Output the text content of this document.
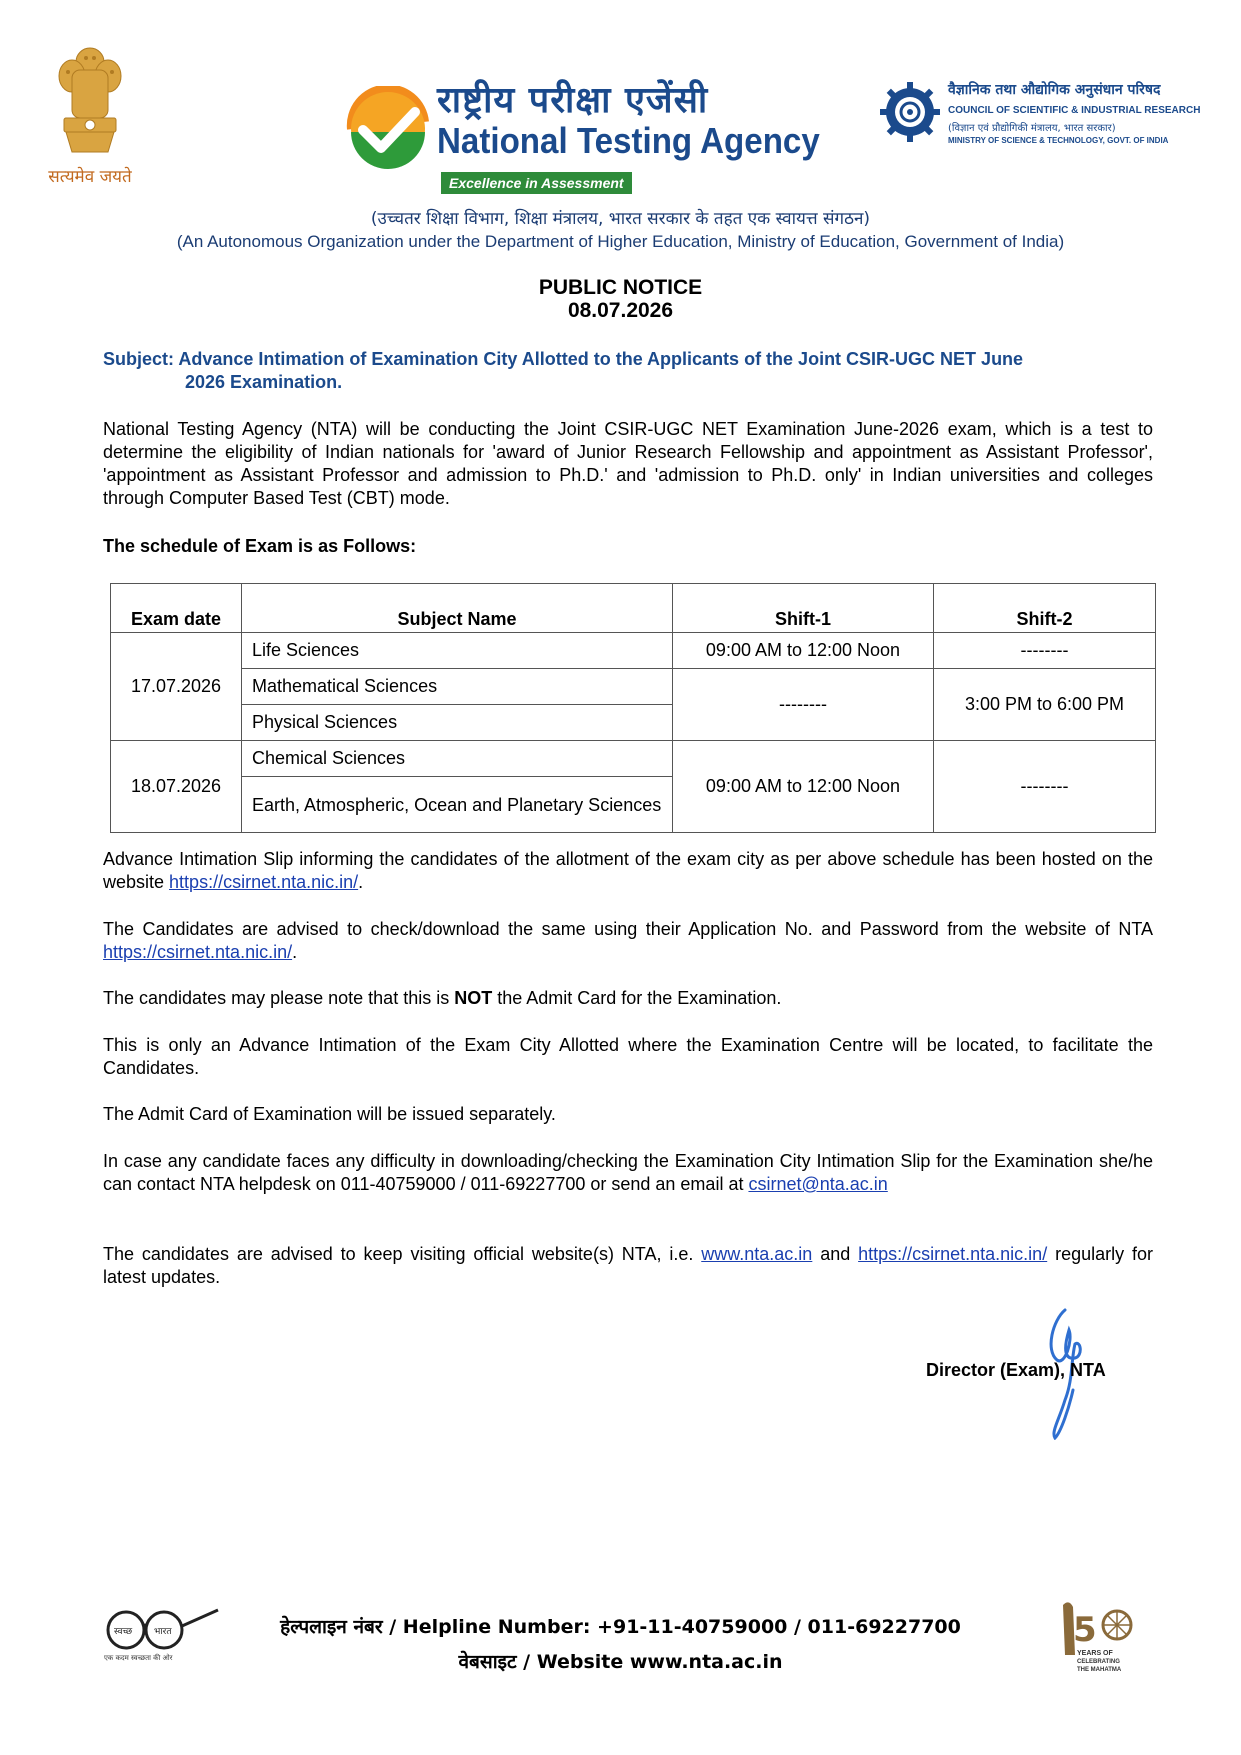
सत्यमेव जयते
राष्ट्रीय परीक्षा एजेंसी
National Testing Agency
Excellence in Assessment
वैज्ञानिक तथा औद्योगिक अनुसंधान परिषद
COUNCIL OF SCIENTIFIC & INDUSTRIAL RESEARCH
(विज्ञान एवं प्रौद्योगिकी मंत्रालय, भारत सरकार)
MINISTRY OF SCIENCE & TECHNOLOGY, GOVT. OF INDIA
(उच्चतर शिक्षा विभाग, शिक्षा मंत्रालय, भारत सरकार के तहत एक स्वायत्त संगठन)
(An Autonomous Organization under the Department of Higher Education, Ministry of Education, Government of India)
PUBLIC NOTICE
08.07.2026
Subject: Advance Intimation of Examination City Allotted to the Applicants of the Joint CSIR-UGC NET June
2026 Examination.
National Testing Agency (NTA) will be conducting the Joint CSIR-UGC NET Examination June-2026 exam, which is a test to determine the eligibility of Indian nationals for 'award of Junior Research Fellowship and appointment as Assistant Professor', 'appointment as Assistant Professor and admission to Ph.D.' and 'admission to Ph.D. only' in Indian universities and colleges through Computer Based Test (CBT) mode.
The schedule of Exam is as Follows:
Exam date	Subject Name	Shift-1	Shift-2
17.07.2026	Life Sciences	09:00 AM to 12:00 Noon	--------
	Mathematical Sciences	--------	3:00 PM to 6:00 PM
	Physical Sciences		
18.07.2026	Chemical Sciences	09:00 AM to 12:00 Noon	--------
	Earth, Atmospheric, Ocean and Planetary Sciences		
Advance Intimation Slip informing the candidates of the allotment of the exam city as per above schedule has been hosted on the website https://csirnet.nta.nic.in/.
The Candidates are advised to check/download the same using their Application No. and Password from the website of NTA https://csirnet.nta.nic.in/.
The candidates may please note that this is NOT the Admit Card for the Examination.
This is only an Advance Intimation of the Exam City Allotted where the Examination Centre will be located, to facilitate the Candidates.
The Admit Card of Examination will be issued separately.
In case any candidate faces any difficulty in downloading/checking the Examination City Intimation Slip for the Examination she/he can contact NTA helpdesk on 011-40759000 / 011-69227700 or send an email at csirnet@nta.ac.in
The candidates are advised to keep visiting official website(s) NTA, i.e. www.nta.ac.in and https://csirnet.nta.nic.in/ regularly for latest updates.
Director (Exam), NTA
स्वच्छ भारत
एक कदम स्वच्छता की ओर
हेल्पलाइन नंबर / Helpline Number: +91-11-40759000 / 011-69227700
वेबसाइट / Website www.nta.ac.in
5
YEARS OF
CELEBRATING
THE MAHATMA
